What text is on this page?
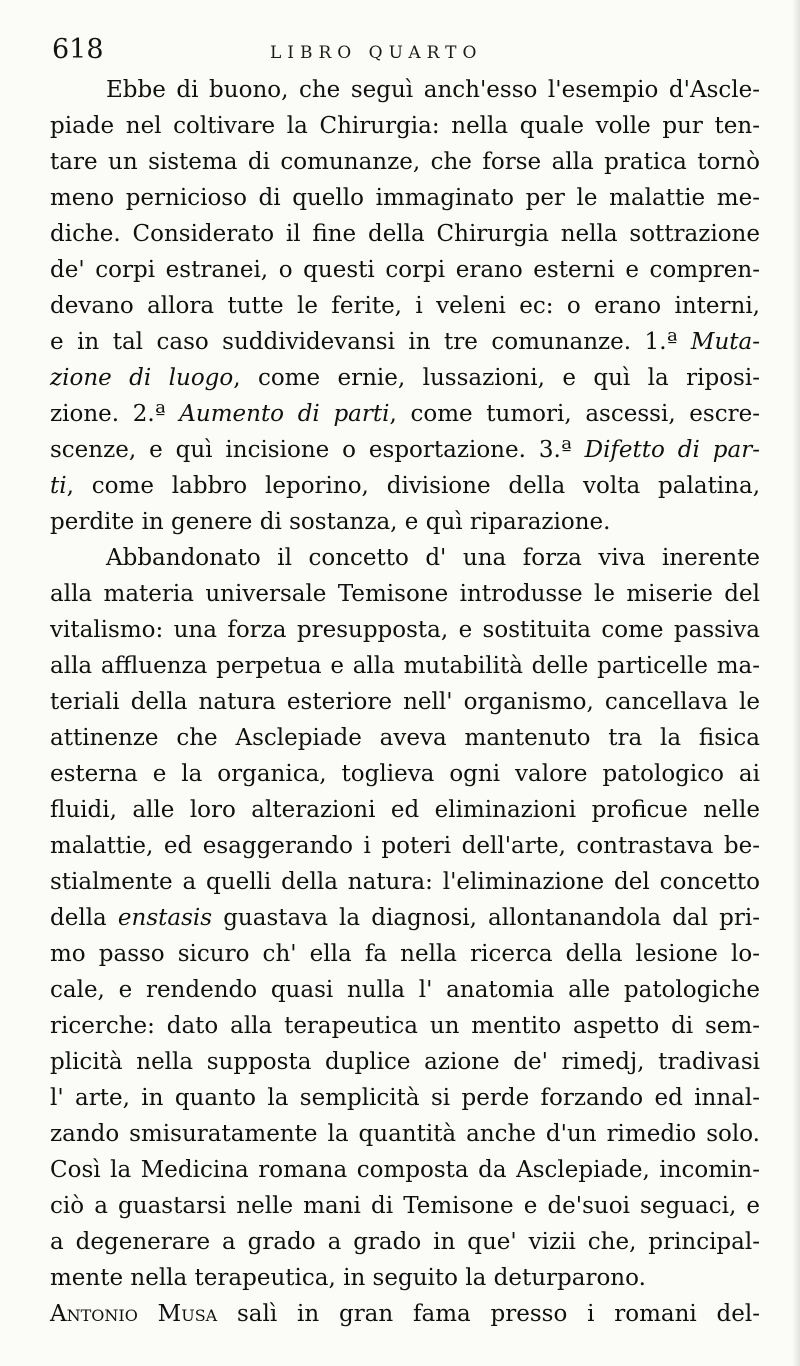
618	LIBRO QUARTO
Ebbe di buono, che seguì anch'esso l'esempio d'Ascle-
piade nel coltivare la Chirurgia: nella quale volle pur ten-
tare un sistema di comunanze, che forse alla pratica tornò
meno pernicioso di quello immaginato per le malattie me-
diche. Considerato il fine della Chirurgia nella sottrazione
de' corpi estranei, o questi corpi erano esterni e compren-
devano allora tutte le ferite, i veleni ec: o erano interni,
e in tal caso suddividevansi in tre comunanze. 1.ª Muta-
zione di luogo, come ernie, lussazioni, e quì la riposi-
zione. 2.ª Aumento di parti, come tumori, ascessi, escre-
scenze, e quì incisione o esportazione. 3.ª Difetto di par-
ti, come labbro leporino, divisione della volta palatina,
perdite in genere di sostanza, e quì riparazione.
Abbandonato il concetto d' una forza viva inerente
alla materia universale Temisone introdusse le miserie del
vitalismo: una forza presupposta, e sostituita come passiva
alla affluenza perpetua e alla mutabilità delle particelle ma-
teriali della natura esteriore nell' organismo, cancellava le
attinenze che Asclepiade aveva mantenuto tra la fisica
esterna e la organica, toglieva ogni valore patologico ai
fluidi, alle loro alterazioni ed eliminazioni proficue nelle
malattie, ed esaggerando i poteri dell'arte, contrastava be-
stialmente a quelli della natura: l'eliminazione del concetto
della enstasis guastava la diagnosi, allontanandola dal pri-
mo passo sicuro ch' ella fa nella ricerca della lesione lo-
cale, e rendendo quasi nulla l' anatomia alle patologiche
ricerche: dato alla terapeutica un mentito aspetto di sem-
plicità nella supposta duplice azione de' rimedj, tradivasi
l' arte, in quanto la semplicità si perde forzando ed innal-
zando smisuratamente la quantità anche d'un rimedio solo.
Così la Medicina romana composta da Asclepiade, incomin-
ciò a guastarsi nelle mani di Temisone e de'suoi seguaci, e
a degenerare a grado a grado in que' vizii che, principal-
mente nella terapeutica, in seguito la deturparono.
ANTONIO MUSA salì in gran fama presso i romani del-
